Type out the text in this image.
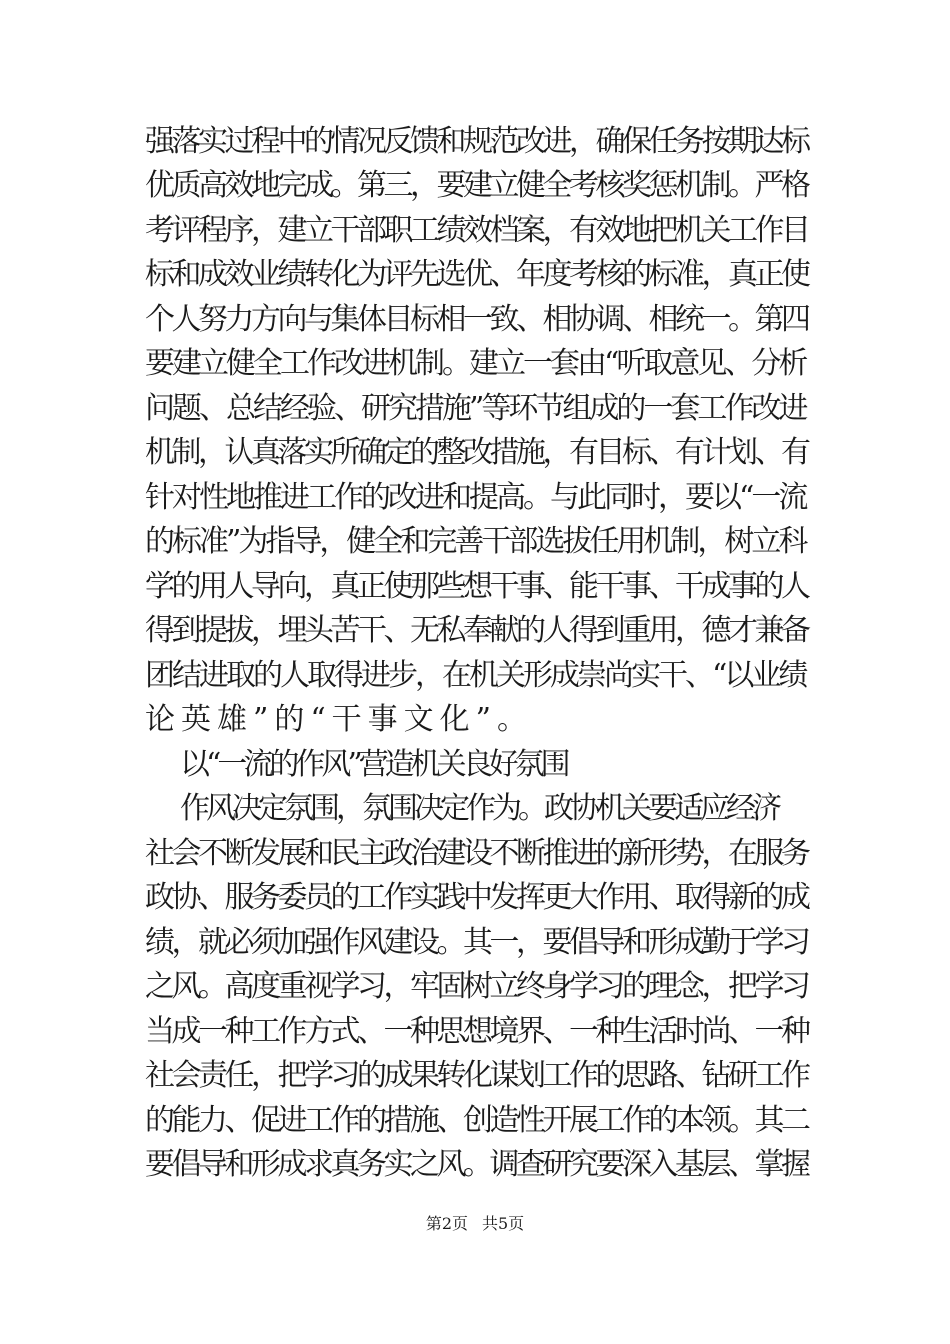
强落实过程中的情况反馈和规范改进，确保任务按期达标
优质高效地完成。第三，要建立健全考核奖惩机制。严格
考评程序，建立干部职工绩效档案，有效地把机关工作目
标和成效业绩转化为评先选优、年度考核的标准，真正使
个人努力方向与集体目标相一致、相协调、相统一。第四
要建立健全工作改进机制。建立一套由“听取意见、分析
问题、总结经验、研究措施”等环节组成的一套工作改进
机制，认真落实所确定的整改措施，有目标、有计划、有
针对性地推进工作的改进和提高。与此同时，要以“一流
的标准”为指导，健全和完善干部选拔任用机制，树立科
学的用人导向，真正使那些想干事、能干事、干成事的人
得到提拔，埋头苦干、无私奉献的人得到重用，德才兼备
团结进取的人取得进步，在机关形成崇尚实干、“以业绩
论英雄”的“干事文化”。
以“一流的作风”营造机关良好氛围
作风决定氛围，氛围决定作为。政协机关要适应经济
社会不断发展和民主政治建设不断推进的新形势，在服务
政协、服务委员的工作实践中发挥更大作用、取得新的成
绩，就必须加强作风建设。其一，要倡导和形成勤于学习
之风。高度重视学习，牢固树立终身学习的理念，把学习
当成一种工作方式、一种思想境界、一种生活时尚、一种
社会责任，把学习的成果转化谋划工作的思路、钻研工作
的能力、促进工作的措施、创造性开展工作的本领。其二
要倡导和形成求真务实之风。调查研究要深入基层、掌握
第2页 共5页
